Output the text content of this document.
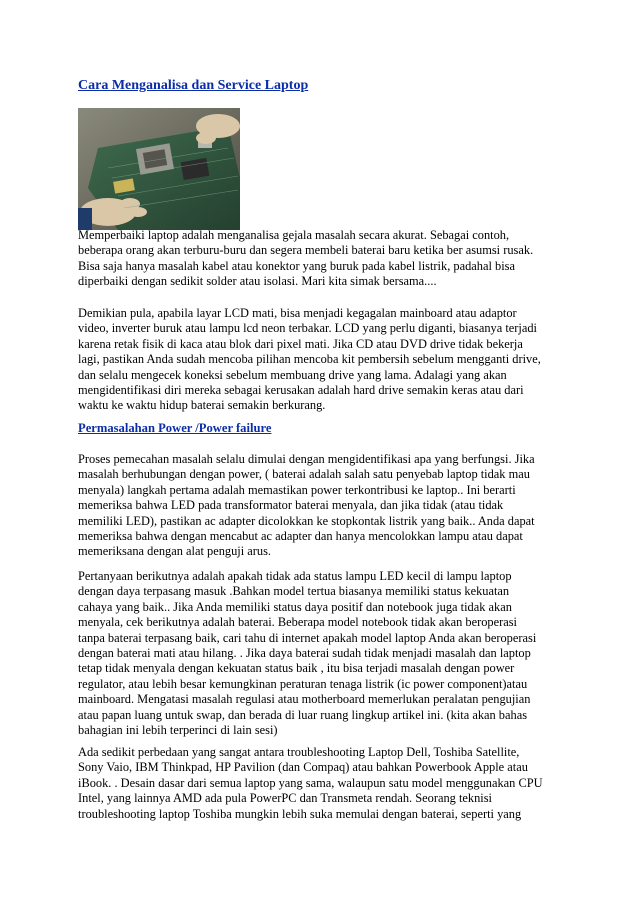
Cara Menganalisa dan Service Laptop
Memperbaiki laptop adalah menganalisa gejala masalah secara akurat. Sebagai contoh,
beberapa orang akan terburu-buru dan segera membeli baterai baru ketika ber asumsi rusak.
Bisa saja hanya masalah kabel atau konektor yang buruk pada kabel listrik, padahal bisa
diperbaiki dengan sedikit solder atau isolasi. Mari kita simak bersama....
Demikian pula, apabila layar LCD mati, bisa menjadi kegagalan mainboard atau adaptor
video, inverter buruk atau lampu lcd neon terbakar. LCD yang perlu diganti, biasanya terjadi
karena retak fisik di kaca atau blok dari pixel mati. Jika CD atau DVD drive tidak bekerja
lagi, pastikan Anda sudah mencoba pilihan mencoba kit pembersih sebelum mengganti drive,
dan selalu mengecek koneksi sebelum membuang drive yang lama. Adalagi yang akan
mengidentifikasi diri mereka sebagai kerusakan adalah hard drive semakin keras atau dari
waktu ke waktu hidup baterai semakin berkurang.
Permasalahan Power /Power failure
Proses pemecahan masalah selalu dimulai dengan mengidentifikasi apa yang berfungsi. Jika
masalah berhubungan dengan power, ( baterai adalah salah satu penyebab laptop tidak mau
menyala) langkah pertama adalah memastikan power terkontribusi ke laptop.. Ini berarti
memeriksa bahwa LED pada transformator baterai menyala, dan jika tidak (atau tidak
memiliki LED), pastikan ac adapter dicolokkan ke stopkontak listrik yang baik.. Anda dapat
memeriksa bahwa dengan mencabut ac adapter dan hanya mencolokkan lampu atau dapat
memeriksana dengan alat penguji arus.
Pertanyaan berikutnya adalah apakah tidak ada status lampu LED kecil di lampu laptop
dengan daya terpasang masuk .Bahkan model tertua biasanya memiliki status kekuatan
cahaya yang baik.. Jika Anda memiliki status daya positif dan notebook juga tidak akan
menyala, cek berikutnya adalah baterai. Beberapa model notebook tidak akan beroperasi
tanpa baterai terpasang baik, cari tahu di internet apakah model laptop Anda akan beroperasi
dengan baterai mati atau hilang. . Jika daya baterai sudah tidak menjadi masalah dan laptop
tetap tidak menyala dengan kekuatan status baik , itu bisa terjadi masalah dengan power
regulator, atau lebih besar kemungkinan peraturan tenaga listrik (ic power component)atau
mainboard. Mengatasi masalah regulasi atau motherboard memerlukan peralatan pengujian
atau papan luang untuk swap, dan berada di luar ruang lingkup artikel ini. (kita akan bahas
bahagian ini lebih terperinci di lain sesi)
Ada sedikit perbedaan yang sangat antara troubleshooting Laptop Dell, Toshiba Satellite,
Sony Vaio, IBM Thinkpad, HP Pavilion (dan Compaq) atau bahkan Powerbook Apple atau
iBook. . Desain dasar dari semua laptop yang sama, walaupun satu model menggunakan CPU
Intel, yang lainnya AMD ada pula PowerPC dan Transmeta rendah. Seorang teknisi
troubleshooting laptop Toshiba mungkin lebih suka memulai dengan baterai, seperti yang
